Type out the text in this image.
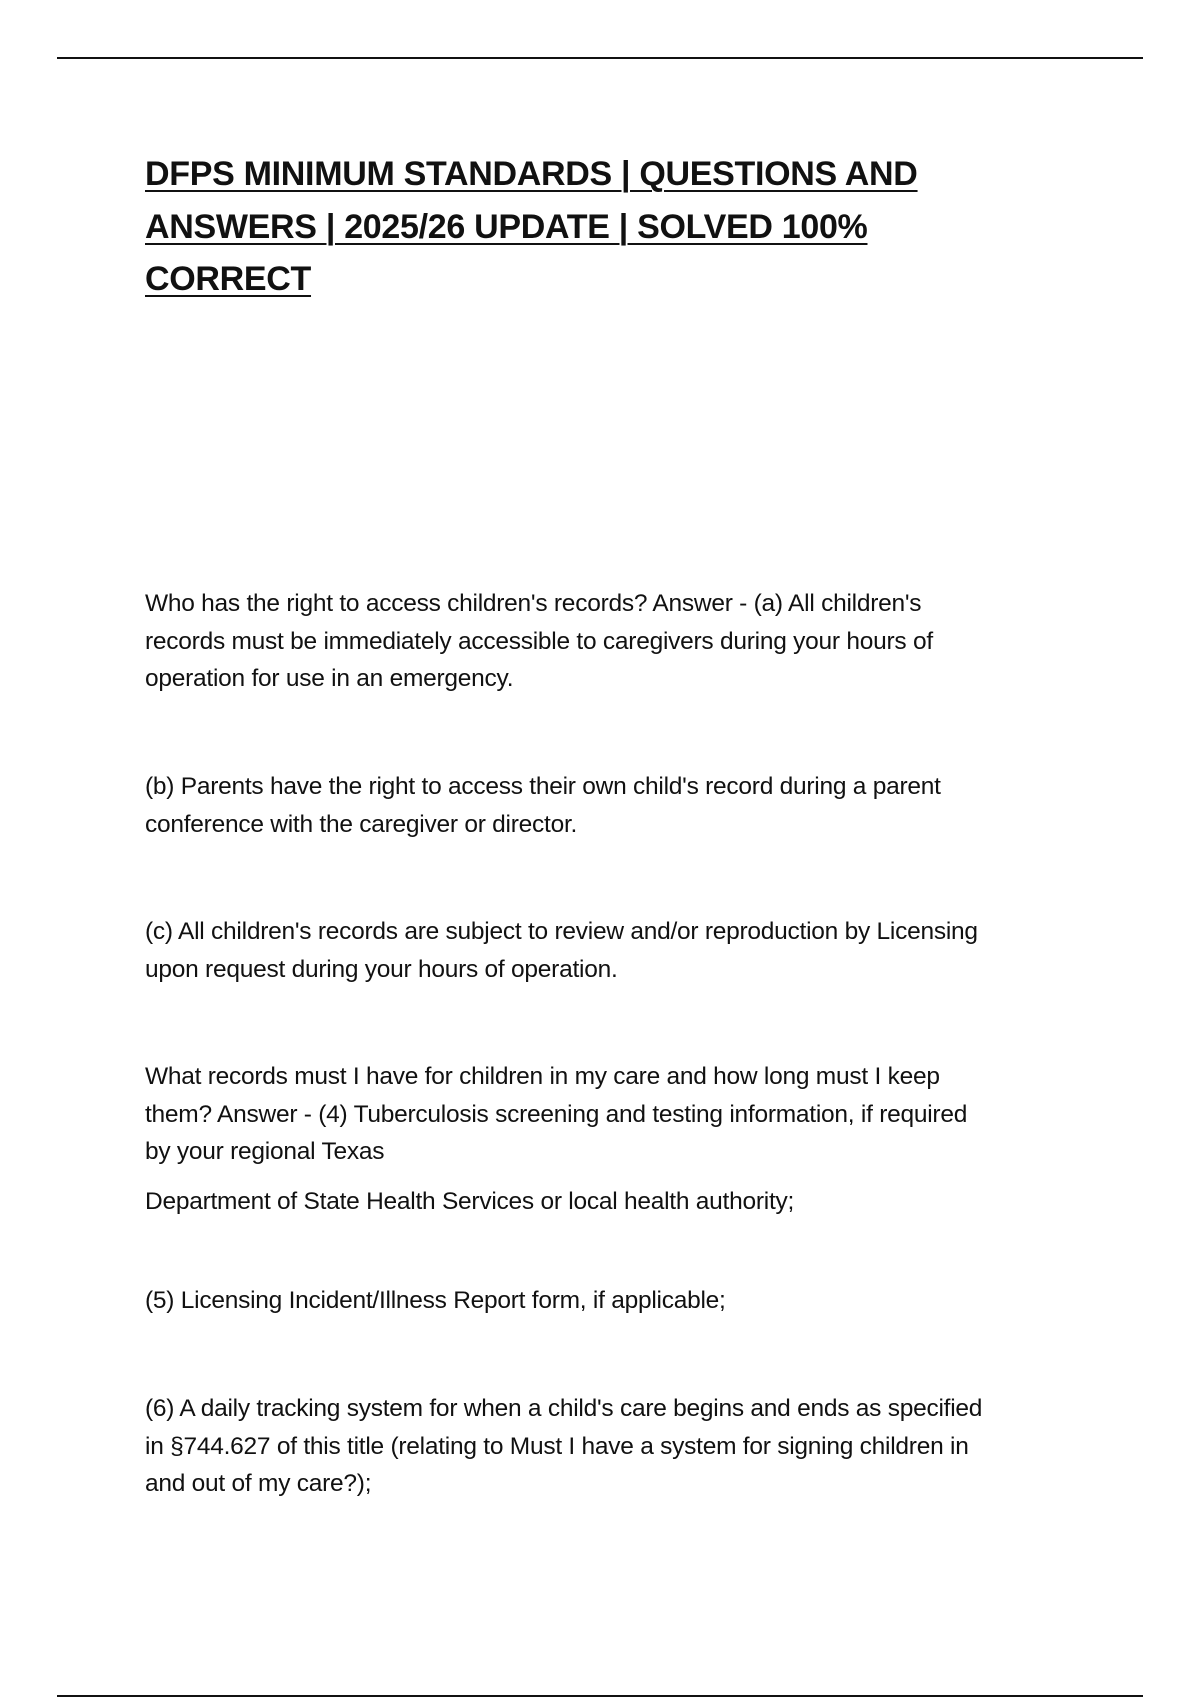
DFPS MINIMUM STANDARDS | QUESTIONS AND
ANSWERS | 2025/26 UPDATE | SOLVED 100%
CORRECT

Who has the right to access children's records? Answer - (a) All children's
records must be immediately accessible to caregivers during your hours of
operation for use in an emergency.

(b) Parents have the right to access their own child's record during a parent
conference with the caregiver or director.

(c) All children's records are subject to review and/or reproduction by Licensing
upon request during your hours of operation.

What records must I have for children in my care and how long must I keep
them? Answer - (4) Tuberculosis screening and testing information, if required
by your regional Texas

Department of State Health Services or local health authority;

(5) Licensing Incident/Illness Report form, if applicable;

(6) A daily tracking system for when a child's care begins and ends as specified
in §744.627 of this title (relating to Must I have a system for signing children in
and out of my care?);
